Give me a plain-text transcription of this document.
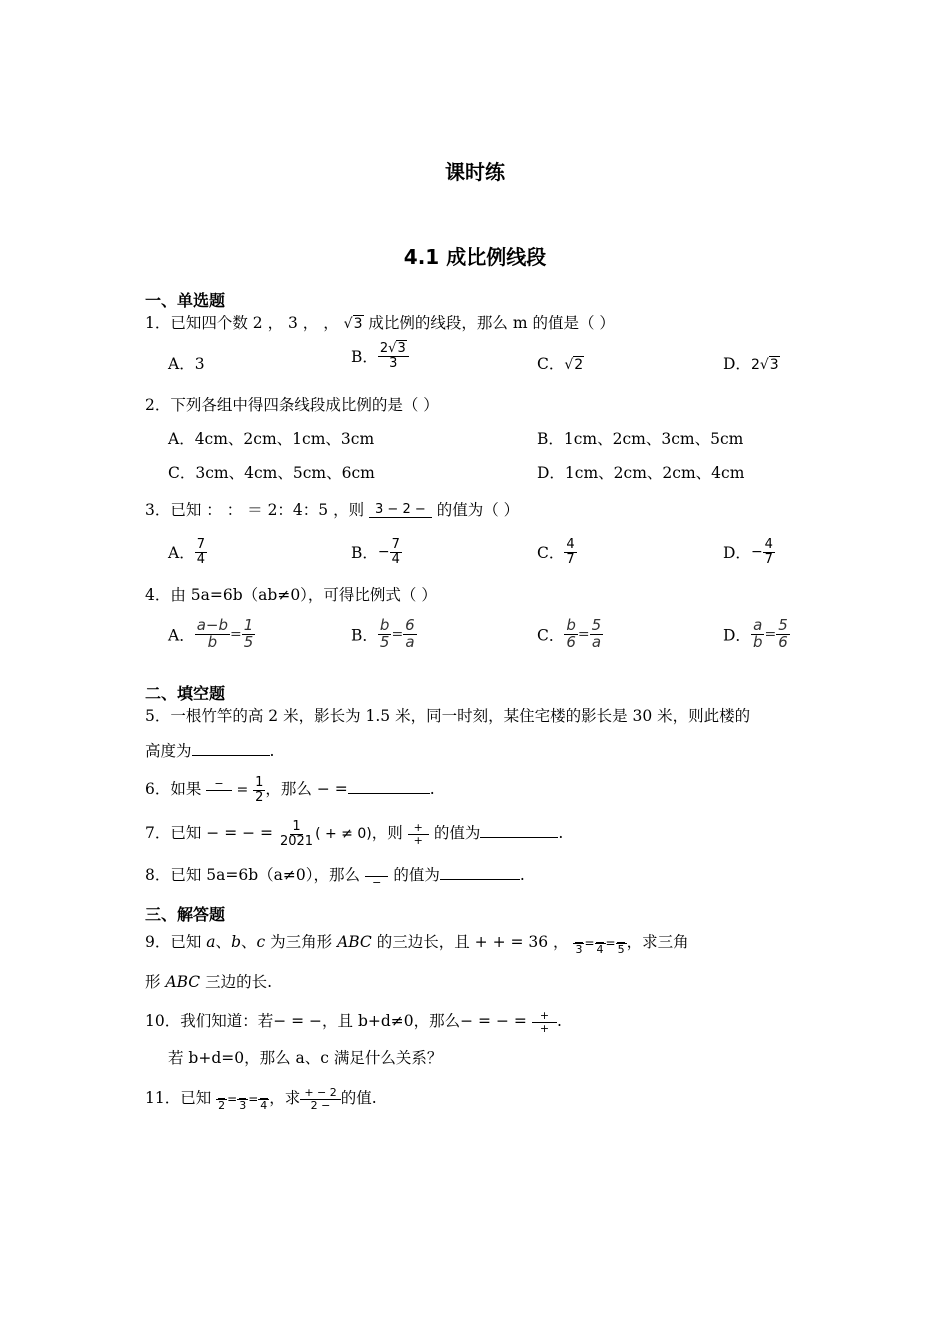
课时练
4.1 成比例线段
一、单选题
1．已知四个数 2 ， 3 ， ， √3 成比例的线段，那么 m 的值是（ ）
A．3	B． $\frac{2√3}{3}$	C．√2	D．2√3
2．下列各组中得四条线段成比例的是（ ）
A．4cm、2cm、1cm、3cm	B．1cm、2cm、3cm、5cm
C．3cm、4cm、5cm、6cm	D．1cm、2cm、2cm、4cm
3．已知 ： ： ＝ 2：4：5 ，则 3 − 2 −
的值为（ ）
A． $\frac{7}{4}$	B．− $\frac{7}{4}$	C． $\frac{4}{7}$	D．− $\frac{4}{7}$
4．由 5a=6b（ab≠0），可得比例式（ ）
A． $\frac{a-b}{b} = \frac{1}{5}$	B． $\frac{b}{5} = \frac{6}{a}$	C． $\frac{b}{6} = \frac{5}{a}$	D． $\frac{a}{b} = \frac{5}{6}$
二、填空题
5．一根竹竿的高 2 米，影长为 1.5 米，同一时刻，某住宅楼的影长是 30 米，则此楼的
高度为	.
6．如果	−
= $\frac{1}{2}$ ，那么 − =	.
7．已知 − = − = $\frac{1}{2021}$ ( + ≠ 0)，则 $\frac{+}{+}$ 的值为	.
8．已知 5a=6b（a≠0），那么
− 的值为	.
三、解答题
9．已知 a、b、c 为三角形 ABC 的三边长，且 + + = 36 ，
3 =
4 =
5 ，求三角
形 ABC 三边的长.
10．我们知道：若− = −，且 b+d≠0，那么− = − = $\frac{+}{+}$ .
若 b+d=0，那么 a、c 满足什么关系？
11．已知
2 =
3 =
4 ，求 $\frac{+ - 2}{2 -}$ 的值.
